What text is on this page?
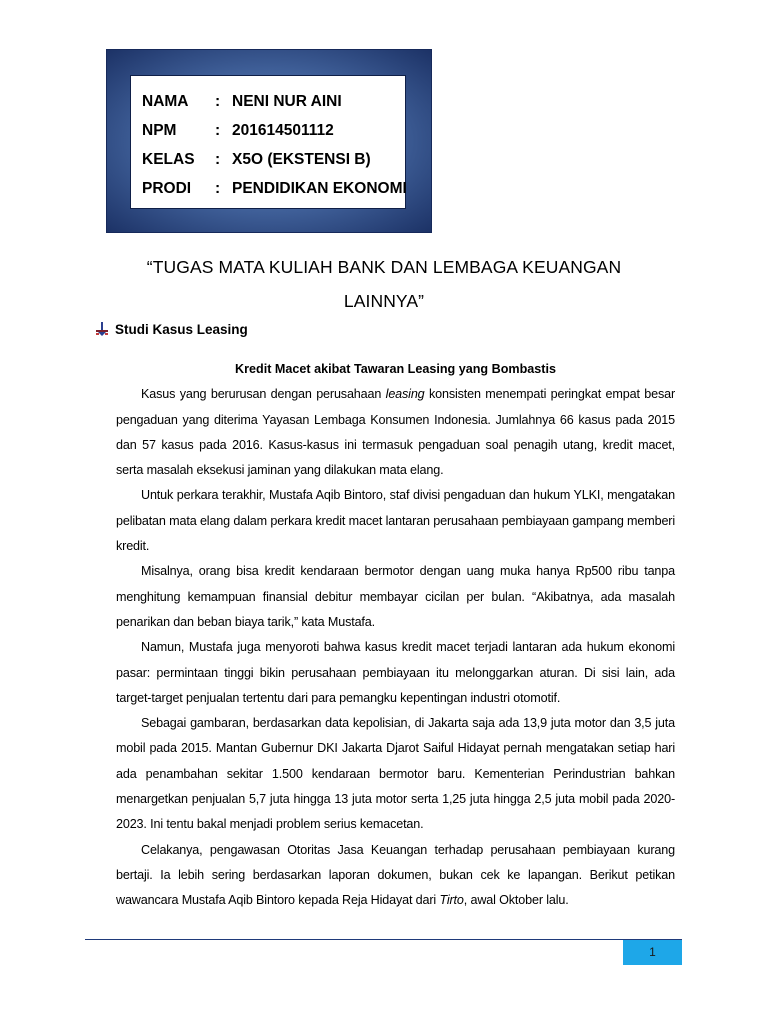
NAMA : NENI NUR AINI
NPM : 201614501112
KELAS : X5O (EKSTENSI B)
PRODI : PENDIDIKAN EKONOMI
“TUGAS MATA KULIAH BANK DAN LEMBAGA KEUANGAN
LAINNYA”
Studi Kasus Leasing
Kredit Macet akibat Tawaran Leasing yang Bombastis

Kasus yang berurusan dengan perusahaan leasing konsisten menempati peringkat empat besar pengaduan yang diterima Yayasan Lembaga Konsumen Indonesia. Jumlahnya 66 kasus pada 2015 dan 57 kasus pada 2016. Kasus-kasus ini termasuk pengaduan soal penagih utang, kredit macet, serta masalah eksekusi jaminan yang dilakukan mata elang.

Untuk perkara terakhir, Mustafa Aqib Bintoro, staf divisi pengaduan dan hukum YLKI, mengatakan pelibatan mata elang dalam perkara kredit macet lantaran perusahaan pembiayaan gampang memberi kredit.

Misalnya, orang bisa kredit kendaraan bermotor dengan uang muka hanya Rp500 ribu tanpa menghitung kemampuan finansial debitur membayar cicilan per bulan. “Akibatnya, ada masalah penarikan dan beban biaya tarik,” kata Mustafa.

Namun, Mustafa juga menyoroti bahwa kasus kredit macet terjadi lantaran ada hukum ekonomi pasar: permintaan tinggi bikin perusahaan pembiayaan itu melonggarkan aturan. Di sisi lain, ada target-target penjualan tertentu dari para pemangku kepentingan industri otomotif.

Sebagai gambaran, berdasarkan data kepolisian, di Jakarta saja ada 13,9 juta motor dan 3,5 juta mobil pada 2015. Mantan Gubernur DKI Jakarta Djarot Saiful Hidayat pernah mengatakan setiap hari ada penambahan sekitar 1.500 kendaraan bermotor baru. Kementerian Perindustrian bahkan menargetkan penjualan 5,7 juta hingga 13 juta motor serta 1,25 juta hingga 2,5 juta mobil pada 2020-2023. Ini tentu bakal menjadi problem serius kemacetan.

Celakanya, pengawasan Otoritas Jasa Keuangan terhadap perusahaan pembiayaan kurang bertaji. Ia lebih sering berdasarkan laporan dokumen, bukan cek ke lapangan. Berikut petikan wawancara Mustafa Aqib Bintoro kepada Reja Hidayat dari Tirto, awal Oktober lalu.

1
